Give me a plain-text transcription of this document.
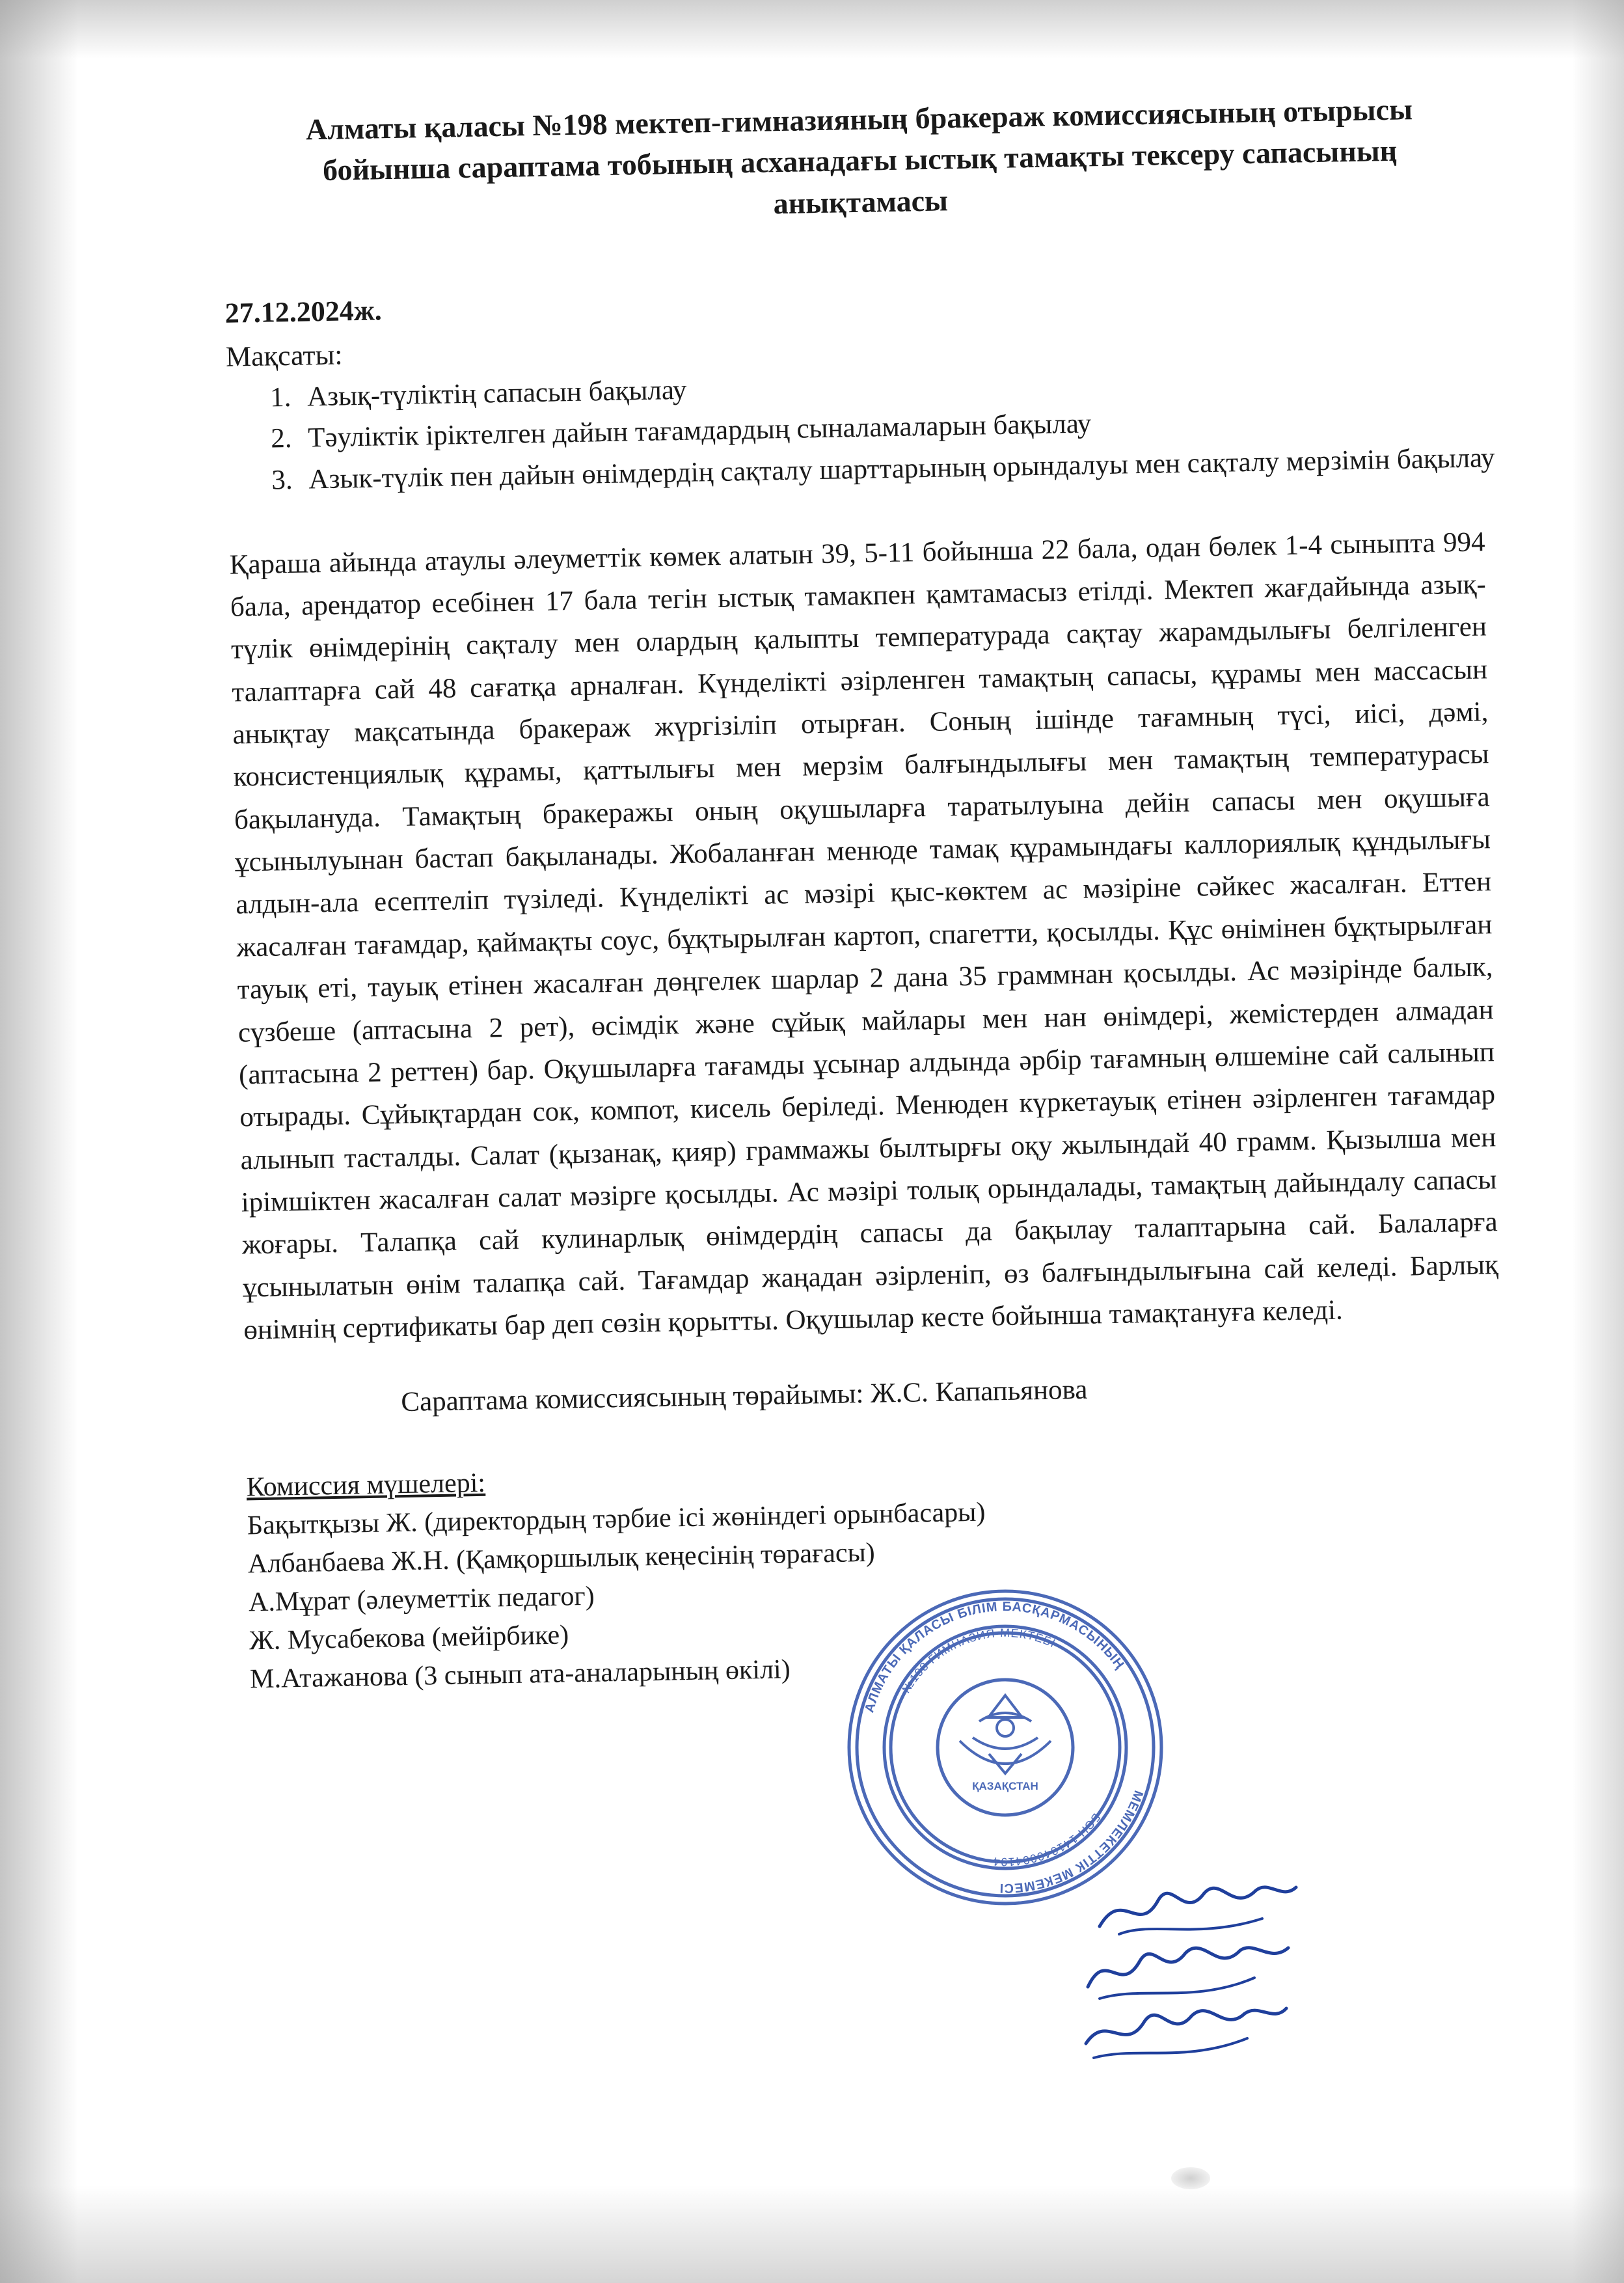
Алматы қаласы №198 мектеп-гимназияның бракераж комиссиясының отырысы бойынша сараптама тобының асханадағы ыстық тамақты тексеру сапасының анықтамасы
27.12.2024ж.
Мақсаты:
1. Азық-түліктің сапасын бақылау
2. Тәуліктік іріктелген дайын тағамдардың сыналамаларын бақылау
3. Азык-түлік пен дайын өнімдердің сақталу шарттарының орындалуы мен сақталу мерзімін бақылау

Қараша айында атаулы әлеуметтік көмек алатын 39, 5-11 бойынша 22 бала, одан бөлек 1-4 сыныпта 994 бала, арендатор есебінен 17 бала тегін ыстық тамакпен қамтамасыз етілді. Мектеп жағдайында азық-түлік өнімдерінің сақталу мен олардың қалыпты температурада сақтау жарамдылығы белгіленген талаптарға сай 48 сағатқа арналған. Күнделікті әзірленген тамақтың сапасы, құрамы мен массасын анықтау мақсатында бракераж жүргізіліп отырған. Соның ішінде тағамның түсі, иісі, дәмі, консистенциялық құрамы, қаттылығы мен мерзім балғындылығы мен тамақтың температурасы бақылануда. Тамақтың бракеражы оның оқушыларға таратылуына дейін сапасы мен оқушыға ұсынылуынан бастап бақыланады. Жобаланған менюде тамақ құрамындағы каллориялық құндылығы алдын-ала есептеліп түзіледі. Күнделікті ас мәзірі қыс-көктем ас мәзіріне сәйкес жасалған. Еттен жасалған тағамдар, қаймақты соус, бұқтырылған картоп, спагетти, қосылды. Құс өнімінен бұқтырылған тауық еті, тауық етінен жасалған дөңгелек шарлар 2 дана 35 граммнан қосылды. Ас мәзірінде балык, сүзбеше (аптасына 2 рет), өсімдік және сұйық майлары мен нан өнімдері, жемістерден алмадан (аптасына 2 реттен) бар. Оқушыларға тағамды ұсынар алдында әрбір тағамның өлшеміне сай салынып отырады. Сұйықтардан сок, компот, кисель беріледі. Менюден күркетауық етінен әзірленген тағамдар алынып тасталды. Салат (қызанақ, қияр) граммажы былтырғы оқу жылындай 40 грамм. Қызылша мен ірімшіктен жасалған салат мәзірге қосылды. Ас мәзірі толық орындалады, тамақтың дайындалу сапасы жоғары. Талапқа сай кулинарлық өнімдердің сапасы да бақылау талаптарына сай. Балаларға ұсынылатын өнім талапқа сай. Тағамдар жаңадан әзірленіп, өз балғындылығына сай келеді. Барлық өнімнің сертификаты бар деп сөзін қорытты. Оқушылар кесте бойынша тамақтануға келеді.

Сараптама комиссиясының төрайымы: Ж.С. Капапьянова
Комиссия мүшелері:
Бақытқызы Ж. (директордың тәрбие ісі жөніндегі орынбасары)
Албанбаева Ж.Н. (Қамқоршылық кеңесінің төрағасы)
А.Мұрат (әлеуметтік педагог)
Ж. Мусабекова (мейірбике)
М.Атажанова (3 сынып ата-аналарының өкілі)
АЛМАТЫ ҚАЛАСЫ БІЛІМ БАСҚАРМАСЫНЫҢ
МЕМЛЕКЕТТІК МЕКЕМЕСІ
№198 ГИМНАЗИЯ-МЕКТЕБІ
БСН 141040004194
ҚАЗАҚСТАН
